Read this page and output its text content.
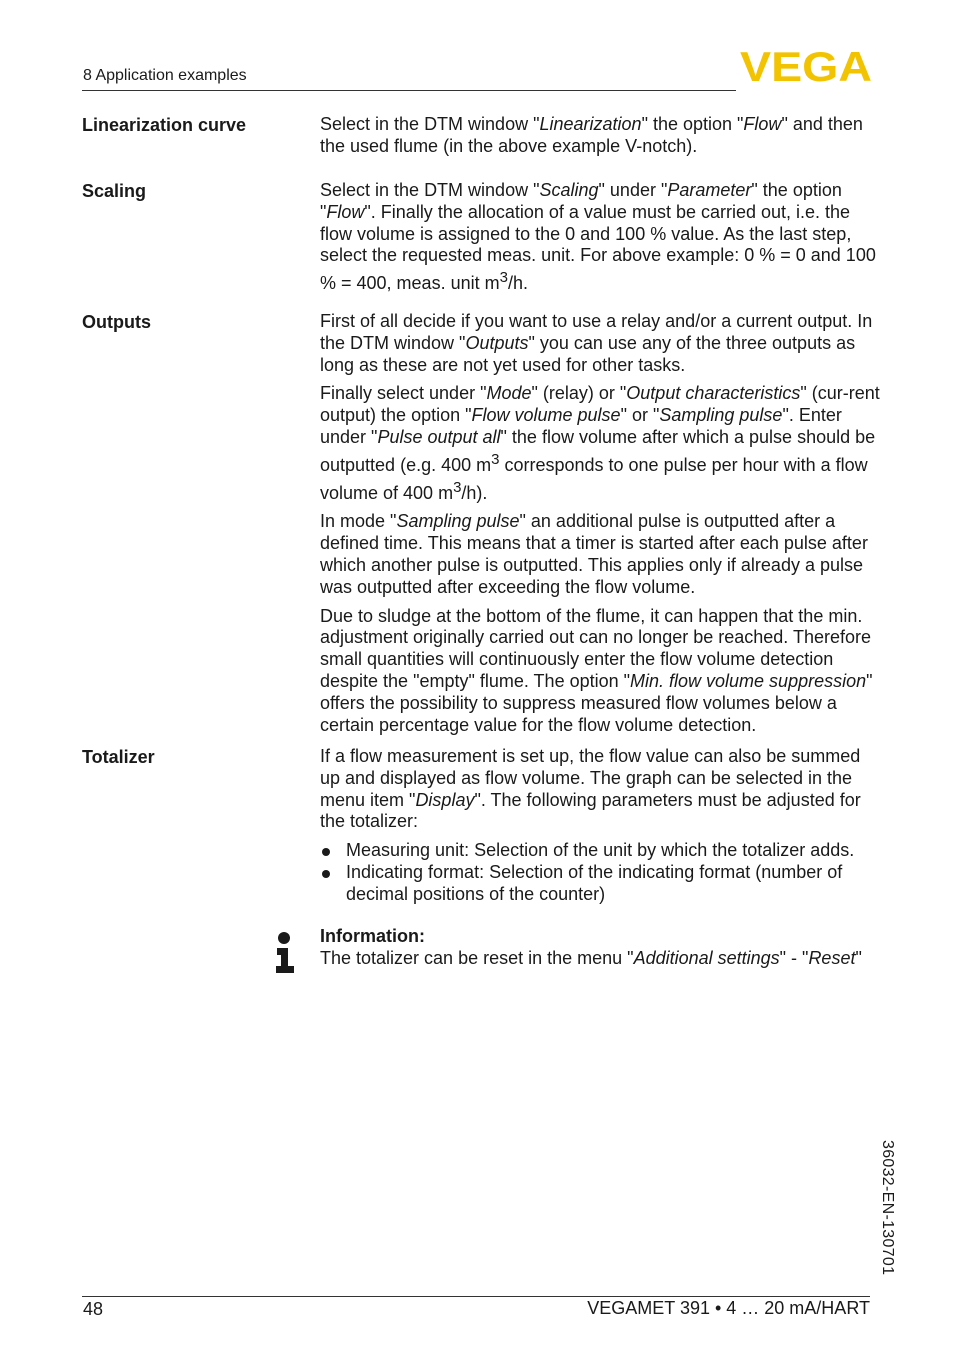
8 Application examples	VEGA
Linearization curve	Select in the DTM window "Linearization" the option "Flow" and then the used flume (in the above example V-notch).

Scaling	Select in the DTM window "Scaling" under "Parameter" the option "Flow". Finally the allocation of a value must be carried out, i.e. the flow volume is assigned to the 0 and 100 % value. As the last step, select the requested meas. unit. For above example: 0 % = 0 and 100 % = 400, meas. unit $m^3/h$.

Outputs	First of all decide if you want to use a relay and/or a current output. In the DTM window "Outputs" you can use any of the three outputs as long as these are not yet used for other tasks.

Finally select under "Mode" (relay) or "Output characteristics" (cur-rent output) the option "Flow volume pulse" or "Sampling pulse". Enter under "Pulse output all" the flow volume after which a pulse should be outputted (e.g. 400 $m^3$ corresponds to one pulse per hour with a flow volume of 400 $m^3/h$).

In mode "Sampling pulse" an additional pulse is outputted after a defined time. This means that a timer is started after each pulse after which another pulse is outputted. This applies only if already a pulse was outputted after exceeding the flow volume.

Due to sludge at the bottom of the flume, it can happen that the min. adjustment originally carried out can no longer be reached. Therefore small quantities will continuously enter the flow volume detection despite the "empty" flume. The option "Min. flow volume suppression" offers the possibility to suppress measured flow volumes below a certain percentage value for the flow volume detection.

Totalizer	If a flow measurement is set up, the flow value can also be summed up and displayed as flow volume. The graph can be selected in the menu item "Display". The following parameters must be adjusted for the totalizer:

Measuring unit: Selection of the unit by which the totalizer adds.
Indicating format: Selection of the indicating format (number of decimal positions of the counter)
Information:
The totalizer can be reset in the menu "Additional settings" - "Reset"
36032-EN-130701
48	VEGAMET 391 • 4 … 20 mA/HART
